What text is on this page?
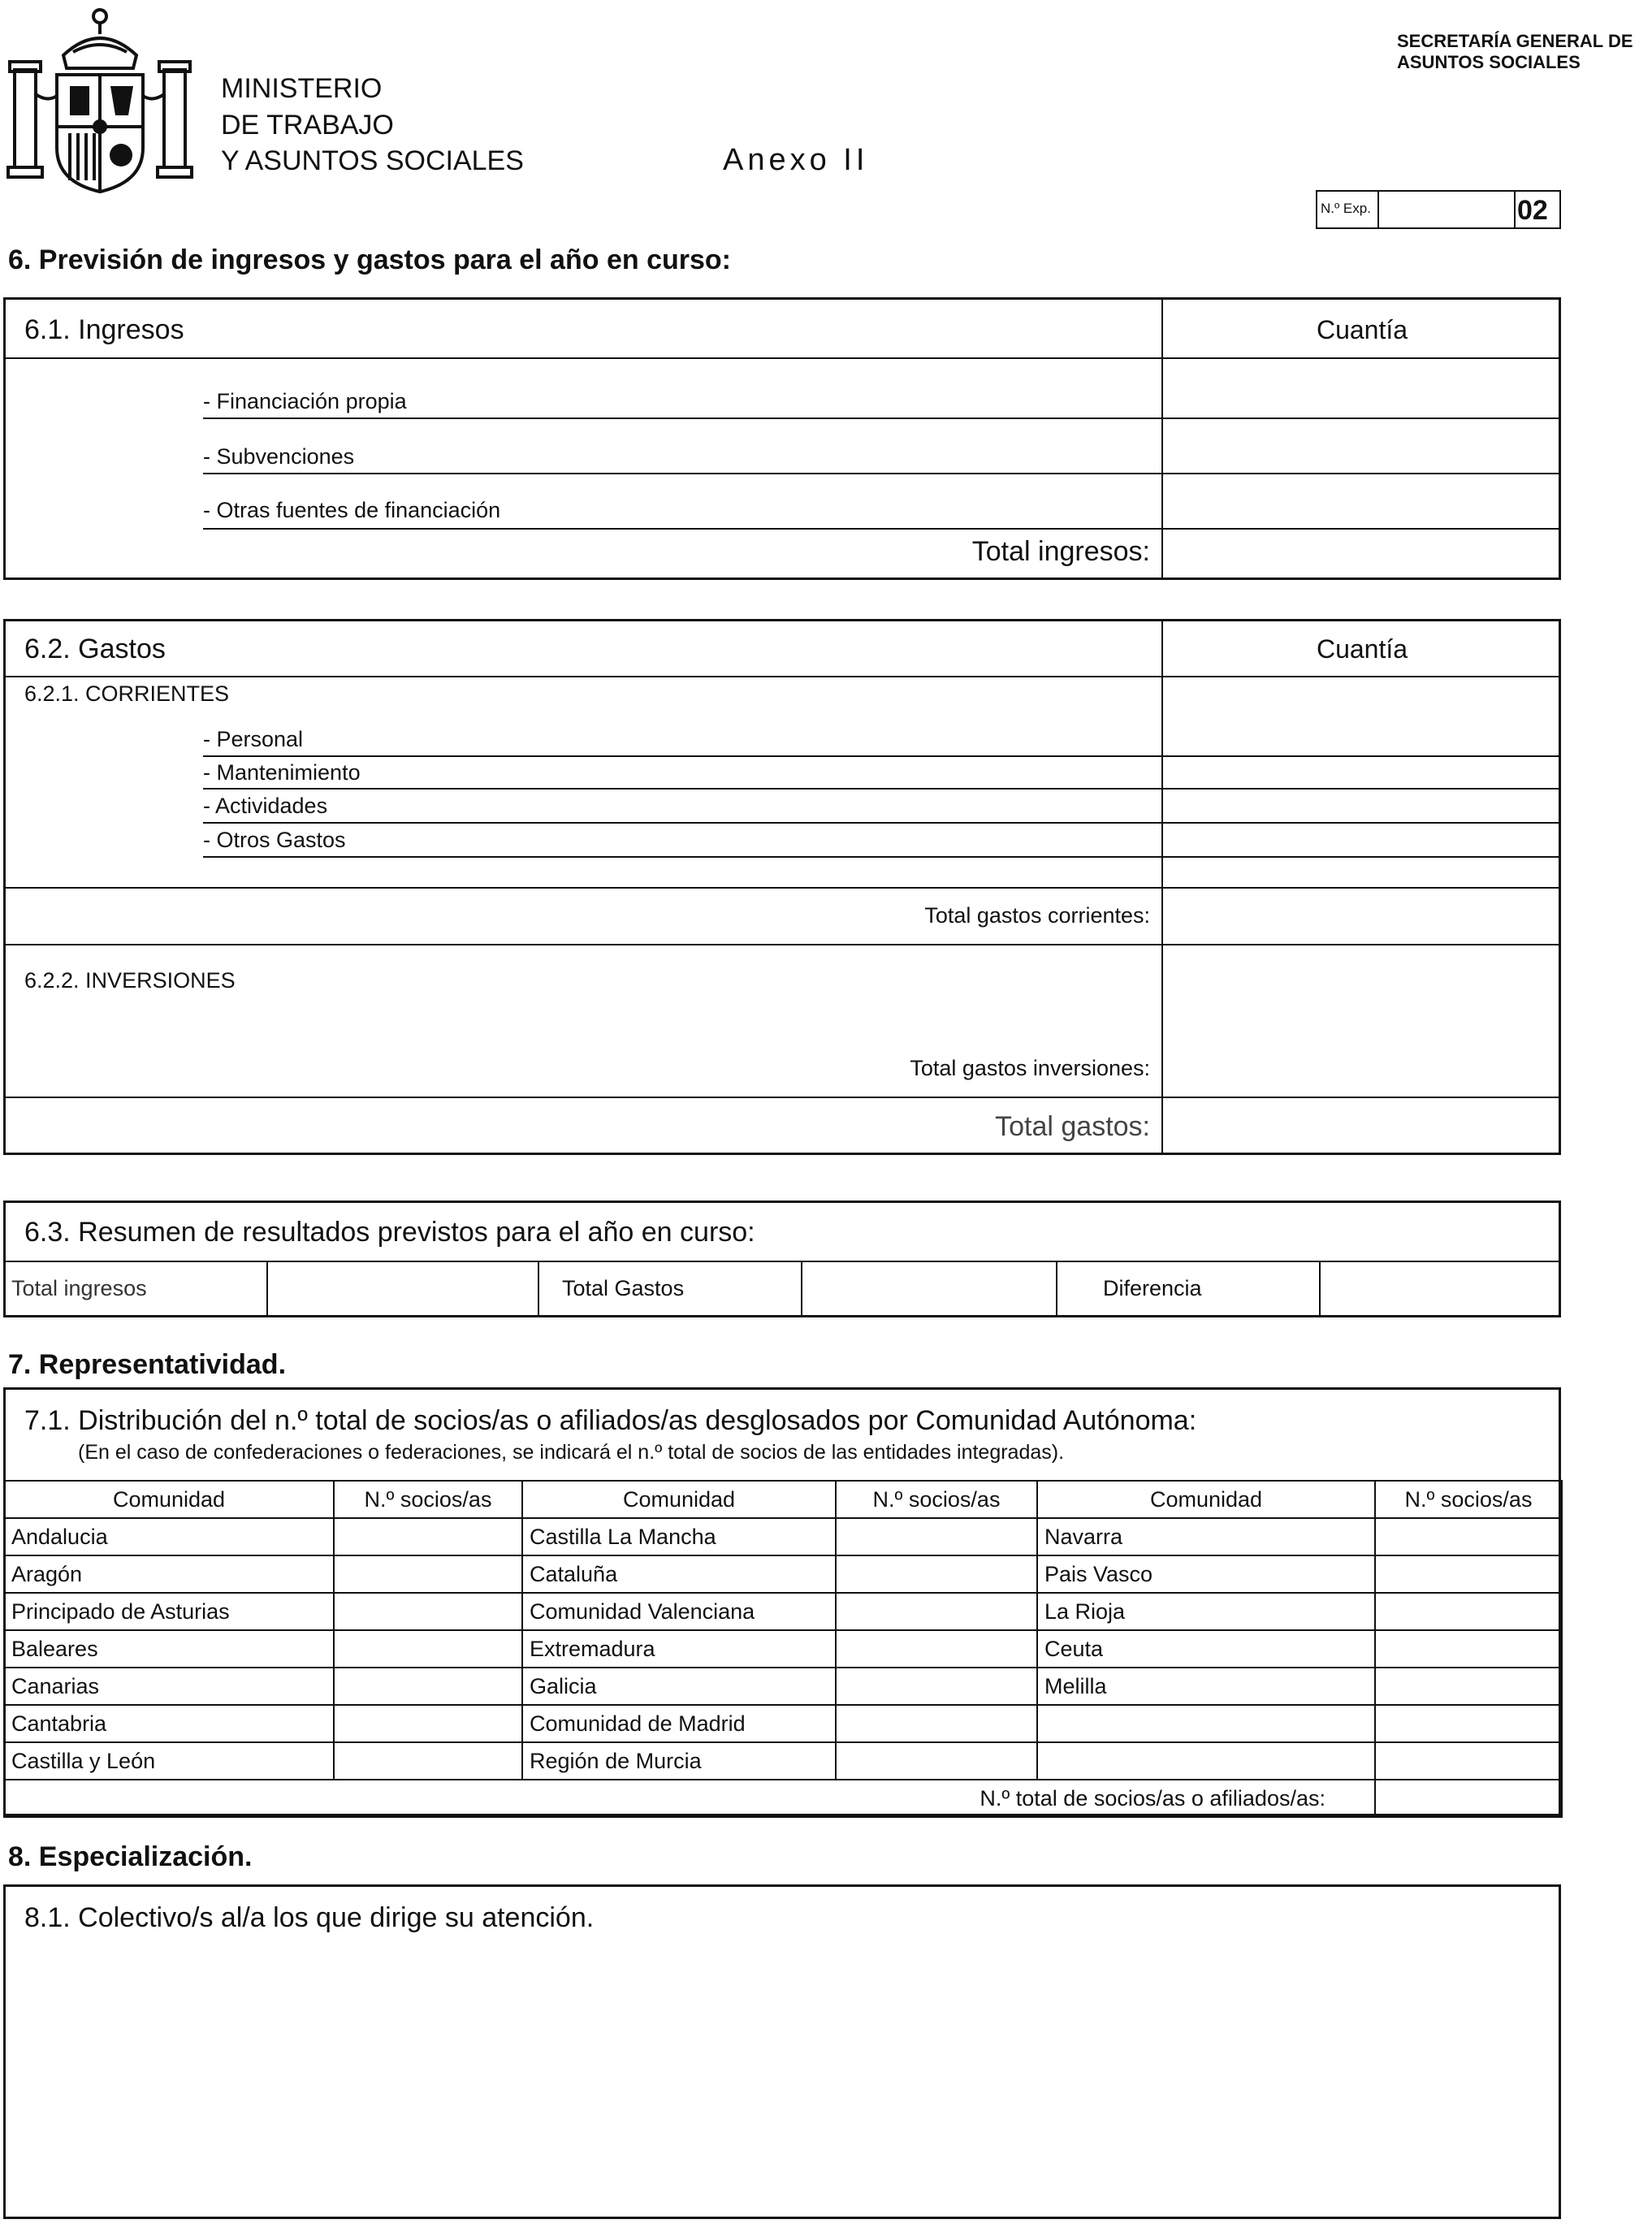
MINISTERIO
DE TRABAJO
Y ASUNTOS SOCIALES	Anexo II
SECRETARÍA GENERAL DE
ASUNTOS SOCIALES
N.º Exp.	02
6. Previsión de ingresos y gastos para el año en curso:
6.1. Ingresos	Cuantía
- Financiación propia
- Subvenciones
- Otras fuentes de financiación
Total ingresos:
6.2. Gastos	Cuantía
6.2.1. CORRIENTES
- Personal
- Mantenimiento
- Actividades
- Otros Gastos
Total gastos corrientes:
6.2.2. INVERSIONES
Total gastos inversiones:
Total gastos:
6.3. Resumen de resultados previstos para el año en curso:
Total ingresos	Total Gastos	Diferencia
7. Representatividad.
7.1. Distribución del n.º total de socios/as o afiliados/as desglosados por Comunidad Autónoma:
(En el caso de confederaciones o federaciones, se indicará el n.º total de socios de las entidades integradas).
Comunidad	N.º socios/as	Comunidad	N.º socios/as	Comunidad	N.º socios/as
Andalucia		Castilla La Mancha		Navarra	
Aragón		Cataluña		Pais Vasco	
Principado de Asturias		Comunidad Valenciana		La Rioja	
Baleares		Extremadura		Ceuta	
Canarias		Galicia		Melilla	
Cantabria		Comunidad de Madrid			
Castilla y León		Región de Murcia			
N.º total de socios/as o afiliados/as:					
8. Especialización.
8.1. Colectivo/s al/a los que dirige su atención.
